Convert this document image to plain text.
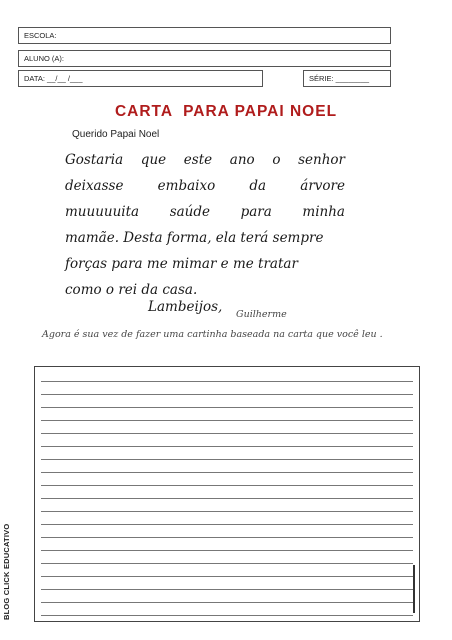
ESCOLA:
ALUNO (A):
DATA: __/__ /___	SÉRIE: ________
CARTA  PARA PAPAI NOEL
Querido Papai Noel
Gostaria que este ano o senhor
deixasse	embaixo	da	árvore
muuuuuita saúde para minha
mamãe. Desta forma, ela terá sempre
forças para me mimar e me tratar
como o rei da casa.
Lambeijos, Guilherme
Agora é sua vez de fazer uma cartinha baseada na carta que você leu .
BLOG CLICK EDUCATIVO
